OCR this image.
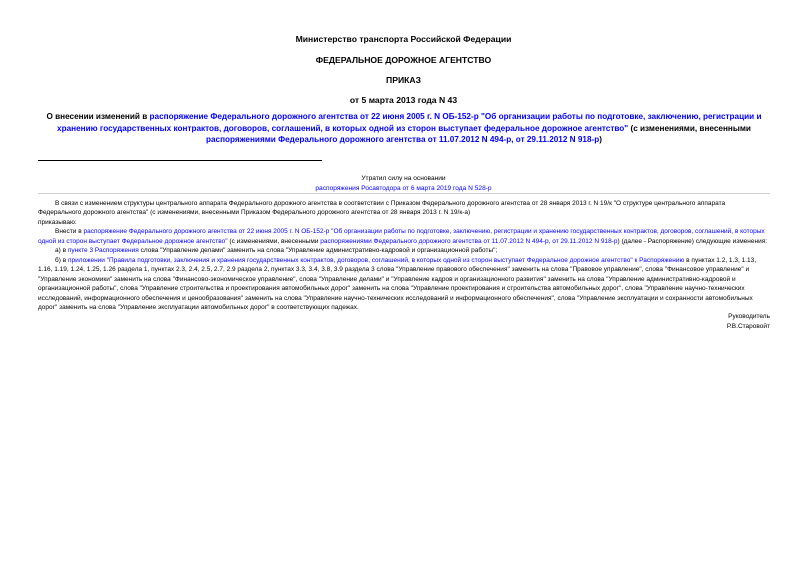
Министерство транспорта Российской Федерации

ФЕДЕРАЛЬНОЕ ДОРОЖНОЕ АГЕНТСТВО

ПРИКАЗ

от 5 марта 2013 года N 43

О внесении изменений в распоряжение Федерального дорожного агентства от 22 июня 2005 г. N ОБ-152-р "Об организации работы по подготовке, заключению, регистрации и хранению государственных контрактов, договоров, соглашений, в которых одной из сторон выступает федеральное дорожное агентство" (с изменениями, внесенными распоряжениями Федерального дорожного агентства от 11.07.2012 N 494-р, от 29.11.2012 N 918-р)

Утратил силу на основании
распоряжения Росавтодора от 6 марта 2019 года N 528-р

В связи с изменением структуры центрального аппарата Федерального дорожного агентства в соответствии с Приказом Федерального дорожного агентства от 28 января 2013 г. N 19/к "О структуре центрального аппарата Федерального дорожного агентства" (с изменениями, внесенными Приказом Федерального дорожного агентства от 28 января 2013 г. N 19/к-а)

приказываю:

Внести в распоряжение Федерального дорожного агентства от 22 июня 2005 г. N ОБ-152-р "Об организации работы по подготовке, заключению, регистрации и хранению государственных контрактов, договоров, соглашений, в которых одной из сторон выступает Федеральное дорожное агентство" (с изменениями, внесенными распоряжениями Федерального дорожного агентства от 11.07.2012 N 494-р, от 29.11.2012 N 918-р) (далее - Распоряжение) следующие изменения:

а) в пункте 3 Распоряжения слова "Управление делами" заменить на слова "Управление административно-кадровой и организационной работы";

б) в приложении "Правила подготовки, заключения и хранения государственных контрактов, договоров, соглашений, в которых одной из сторон выступает Федеральное дорожное агентство" к Распоряжению в пунктах 1.2, 1.3, 1.13, 1.16, 1.19, 1.24, 1.25, 1.26 раздела 1, пунктах 2.3, 2.4, 2.5, 2.7, 2.9 раздела 2, пунктах 3.3, 3.4, 3.8, 3.9 раздела 3 слова "Управление правового обеспечения" заменить на слова "Правовое управление", слова "Финансовое управление" и "Управление экономики" заменить на слова "Финансово-экономическое управление", слова "Управление делами" и "Управление кадров и организационного развития" заменить на слова "Управление административно-кадровой и организационной работы", слова "Управление строительства и проектирования автомобильных дорог" заменить на слова "Управление проектирования и строительства автомобильных дорог", слова "Управление научно-технических исследований, информационного обеспечения и ценообразования" заменить на слова "Управление научно-технических исследований и информационного обеспечения", слова "Управление эксплуатации и сохранности автомобильных дорог" заменить на слова "Управление эксплуатации автомобильных дорог" в соответствующих падежах.

Руководитель

Р.В.Старовойт
